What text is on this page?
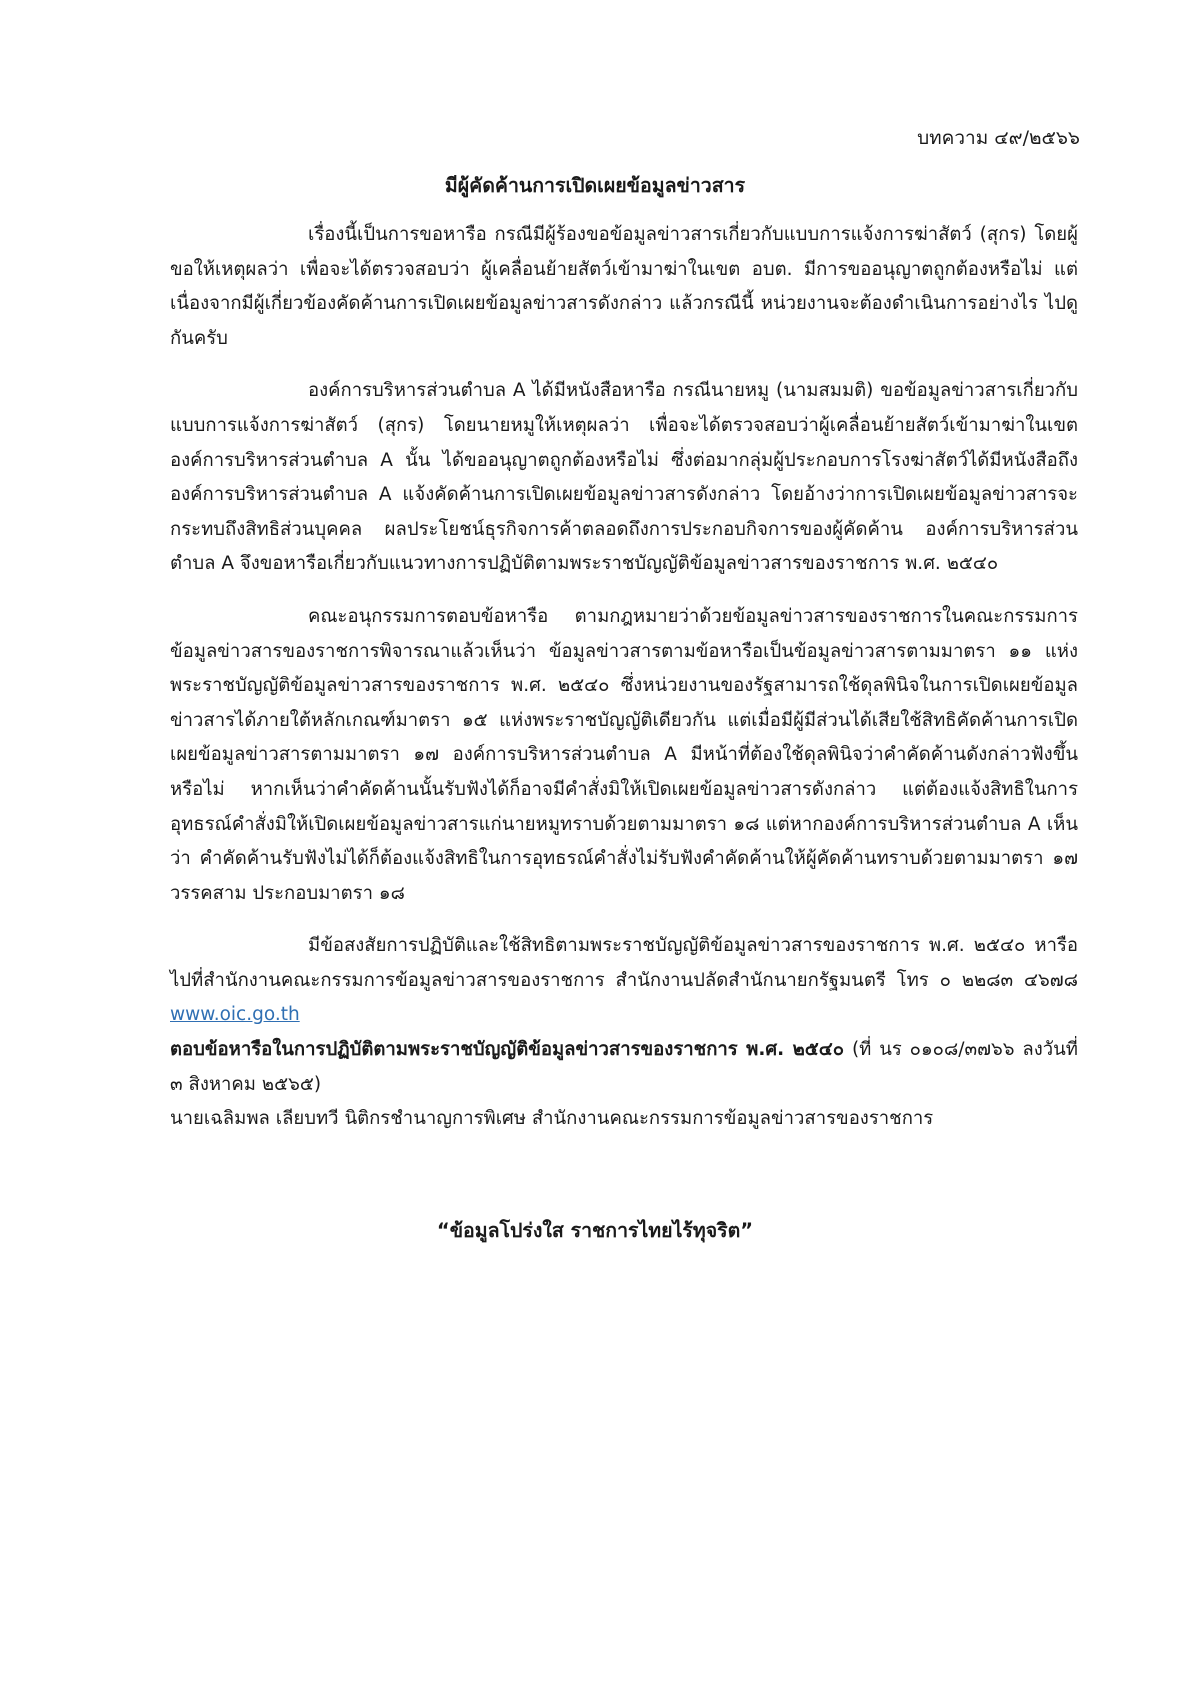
บทความ ๔๙/๒๕๖๖
มีผู้คัดค้านการเปิดเผยข้อมูลข่าวสาร

เรื่องนี้เป็นการขอหารือ กรณีมีผู้ร้องขอข้อมูลข่าวสารเกี่ยวกับแบบการแจ้งการฆ่าสัตว์ (สุกร) โดยผู้ขอให้เหตุผลว่า เพื่อจะได้ตรวจสอบว่า ผู้เคลื่อนย้ายสัตว์เข้ามาฆ่าในเขต อบต. มีการขออนุญาตถูกต้องหรือไม่ แต่เนื่องจากมีผู้เกี่ยวข้องคัดค้านการเปิดเผยข้อมูลข่าวสารดังกล่าว แล้วกรณีนี้ หน่วยงานจะต้องดำเนินการอย่างไร ไปดูกันครับ

องค์การบริหารส่วนตำบล A ได้มีหนังสือหารือ กรณีนายหมู (นามสมมติ) ขอข้อมูลข่าวสารเกี่ยวกับแบบการแจ้งการฆ่าสัตว์ (สุกร) โดยนายหมูให้เหตุผลว่า เพื่อจะได้ตรวจสอบว่าผู้เคลื่อนย้ายสัตว์เข้ามาฆ่าในเขตองค์การบริหารส่วนตำบล A นั้น ได้ขออนุญาตถูกต้องหรือไม่ ซึ่งต่อมากลุ่มผู้ประกอบการโรงฆ่าสัตว์ได้มีหนังสือถึงองค์การบริหารส่วนตำบล A แจ้งคัดค้านการเปิดเผยข้อมูลข่าวสารดังกล่าว โดยอ้างว่าการเปิดเผยข้อมูลข่าวสารจะกระทบถึงสิทธิส่วนบุคคล ผลประโยชน์ธุรกิจการค้าตลอดถึงการประกอบกิจการของผู้คัดค้าน องค์การบริหารส่วนตำบล A จึงขอหารือเกี่ยวกับแนวทางการปฏิบัติตามพระราชบัญญัติข้อมูลข่าวสารของราชการ พ.ศ. ๒๕๔๐

คณะอนุกรรมการตอบข้อหารือ ตามกฎหมายว่าด้วยข้อมูลข่าวสารของราชการในคณะกรรมการข้อมูลข่าวสารของราชการพิจารณาแล้วเห็นว่า ข้อมูลข่าวสารตามข้อหารือเป็นข้อมูลข่าวสารตามมาตรา ๑๑ แห่งพระราชบัญญัติข้อมูลข่าวสารของราชการ พ.ศ. ๒๕๔๐ ซึ่งหน่วยงานของรัฐสามารถใช้ดุลพินิจในการเปิดเผยข้อมูลข่าวสารได้ภายใต้หลักเกณฑ์มาตรา ๑๕ แห่งพระราชบัญญัติเดียวกัน แต่เมื่อมีผู้มีส่วนได้เสียใช้สิทธิคัดค้านการเปิดเผยข้อมูลข่าวสารตามมาตรา ๑๗ องค์การบริหารส่วนตำบล A มีหน้าที่ต้องใช้ดุลพินิจว่าคำคัดค้านดังกล่าวฟังขึ้นหรือไม่ หากเห็นว่าคำคัดค้านนั้นรับฟังได้ก็อาจมีคำสั่งมิให้เปิดเผยข้อมูลข่าวสารดังกล่าว แต่ต้องแจ้งสิทธิในการอุทธรณ์คำสั่งมิให้เปิดเผยข้อมูลข่าวสารแก่นายหมูทราบด้วยตามมาตรา ๑๘ แต่หากองค์การบริหารส่วนตำบล A เห็นว่า คำคัดค้านรับฟังไม่ได้ก็ต้องแจ้งสิทธิในการอุทธรณ์คำสั่งไม่รับฟังคำคัดค้านให้ผู้คัดค้านทราบด้วยตามมาตรา ๑๗ วรรคสาม ประกอบมาตรา ๑๘

มีข้อสงสัยการปฏิบัติและใช้สิทธิตามพระราชบัญญัติข้อมูลข่าวสารของราชการ พ.ศ. ๒๕๔๐ หารือไปที่สำนักงานคณะกรรมการข้อมูลข่าวสารของราชการ สำนักงานปลัดสำนักนายกรัฐมนตรี โทร ๐ ๒๒๘๓ ๔๖๗๘ www.oic.go.th

ตอบข้อหารือในการปฏิบัติตามพระราชบัญญัติข้อมูลข่าวสารของราชการ พ.ศ. ๒๕๔๐ (ที่ นร ๐๑๐๘/๓๗๖๖ ลงวันที่ ๓ สิงหาคม ๒๕๖๕)

นายเฉลิมพล เลียบทวี นิติกรชำนาญการพิเศษ สำนักงานคณะกรรมการข้อมูลข่าวสารของราชการ

“ข้อมูลโปร่งใส ราชการไทยไร้ทุจริต”
